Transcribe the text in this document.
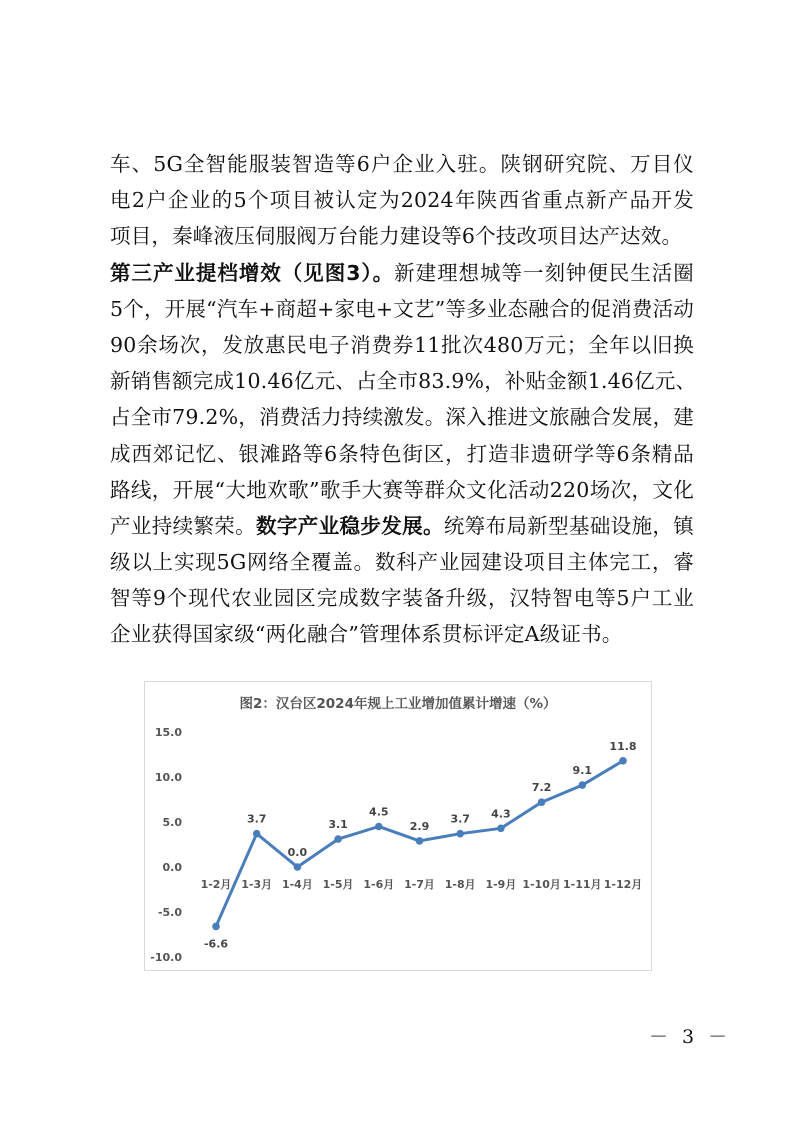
车、5G全智能服装智造等6户企业入驻。陕钢研究院、万目仪
电2户企业的5个项目被认定为2024年陕西省重点新产品开发
项目，秦峰液压伺服阀万台能力建设等6个技改项目达产达效。
第三产业提档增效（见图3）。新建理想城等一刻钟便民生活圈
5个，开展“汽车+商超+家电+文艺”等多业态融合的促消费活动
90余场次，发放惠民电子消费券11批次480万元；全年以旧换
新销售额完成10.46亿元、占全市83.9%，补贴金额1.46亿元、
占全市79.2%，消费活力持续激发。深入推进文旅融合发展，建
成西郊记忆、银滩路等6条特色街区，打造非遗研学等6条精品
路线，开展“大地欢歌”歌手大赛等群众文化活动220场次，文化
产业持续繁荣。数字产业稳步发展。统筹布局新型基础设施，镇
级以上实现5G网络全覆盖。数科产业园建设项目主体完工，睿
智等9个现代农业园区完成数字装备升级，汉特智电等5户工业
企业获得国家级“两化融合”管理体系贯标评定A级证书。
图2：汉台区2024年规上工业增加值累计增速（%）
15.0
10.0
5.0
0.0
-5.0
-10.0
1-2月 1-3月 1-4月 1-5月 1-6月 1-7月 1-8月 1-9月 1-10月 1-11月 1-12月
-6.6
3.7
0.0
3.1
4.5
2.9
3.7 4.3
7.2
9.1
11.8
－ 3 －
